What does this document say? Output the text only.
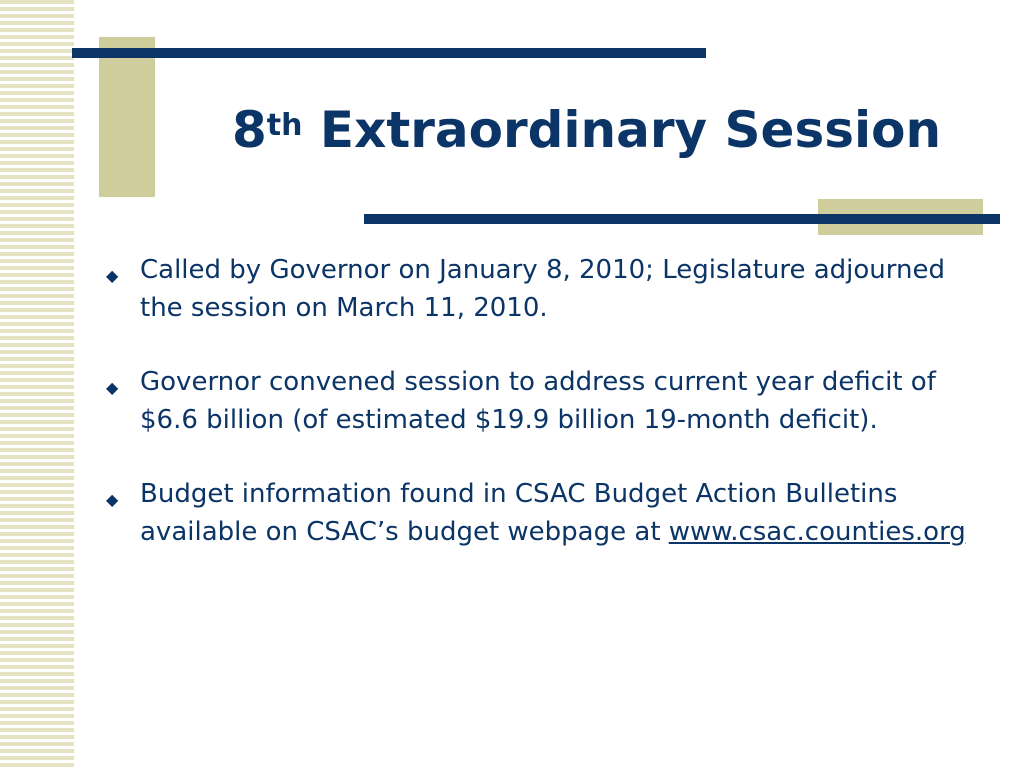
8th Extraordinary Session
◆ Called by Governor on January 8, 2010; Legislature adjourned the session on March 11, 2010.
◆ Governor convened session to address current year deficit of $6.6 billion (of estimated $19.9 billion 19-month deficit).
◆ Budget information found in CSAC Budget Action Bulletins available on CSAC’s budget webpage at www.csac.counties.org
